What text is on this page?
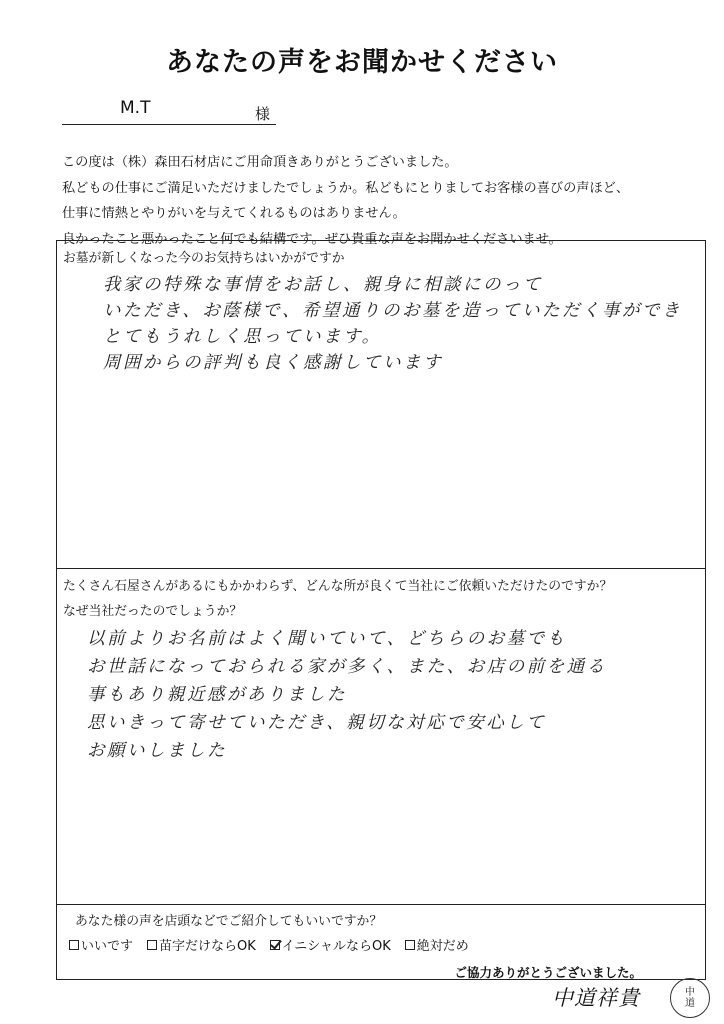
あなたの声をお聞かせください
M.T	様
この度は（株）森田石材店にご用命頂きありがとうございました。
私どもの仕事にご満足いただけましたでしょうか。私どもにとりましてお客様の喜びの声ほど、
仕事に情熱とやりがいを与えてくれるものはありません。
良かったこと悪かったこと何でも結構です。ぜひ貴重な声をお聞かせくださいませ。
お墓が新しくなった今のお気持ちはいかがですか
我家の特殊な事情をお話し、親身に相談にのって
いただき、お蔭様で、希望通りのお墓を造っていただく事ができ
とてもうれしく思っています。
周囲からの評判も良く感謝しています
たくさん石屋さんがあるにもかかわらず、どんな所が良くて当社にご依頼いただけたのですか？
なぜ当社だったのでしょうか？
以前よりお名前はよく聞いていて、どちらのお墓でも
お世話になっておられる家が多く、また、お店の前を通る
事もあり親近感がありました
思いきって寄せていただき、親切な対応で安心して
お願いしました
あなた様の声を店頭などでご紹介してもいいですか？
いいです 苗字だけならOK イニシャルならOK 絶対だめ
ご協力ありがとうございました。
中道祥貴	中
道
